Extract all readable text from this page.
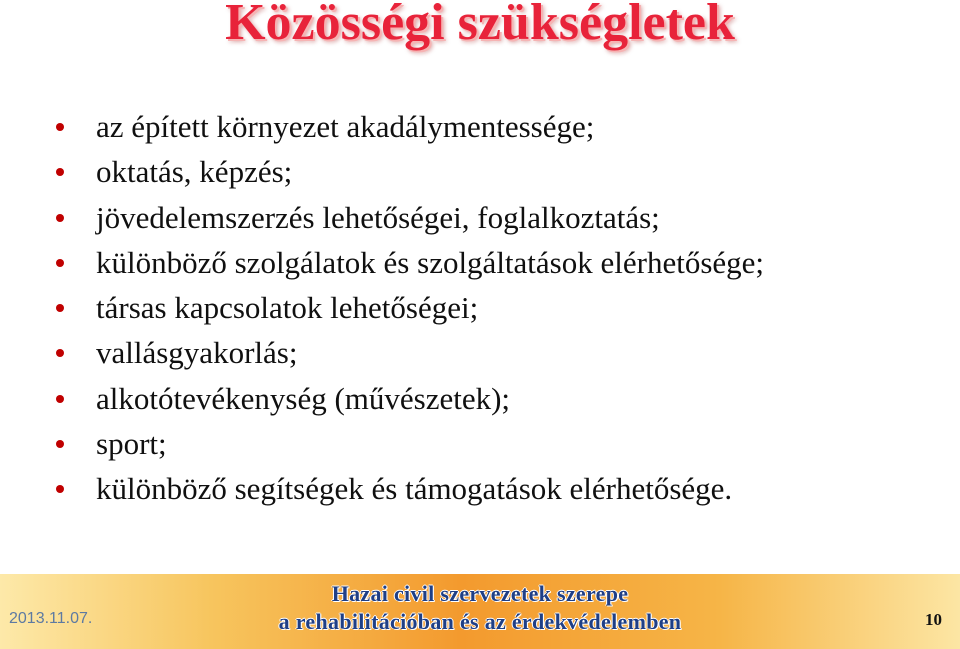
Közösségi szükségletek
az épített környezet akadálymentessége;
oktatás, képzés;
jövedelemszerzés lehetőségei, foglalkoztatás;
különböző szolgálatok és szolgáltatások elérhetősége;
társas kapcsolatok lehetőségei;
vallásgyakorlás;
alkotótevékenység (művészetek);
sport;
különböző segítségek és támogatások elérhetősége.
2013.11.07.
Hazai civil szervezetek szerepe
a rehabilitációban és az érdekvédelemben	10
